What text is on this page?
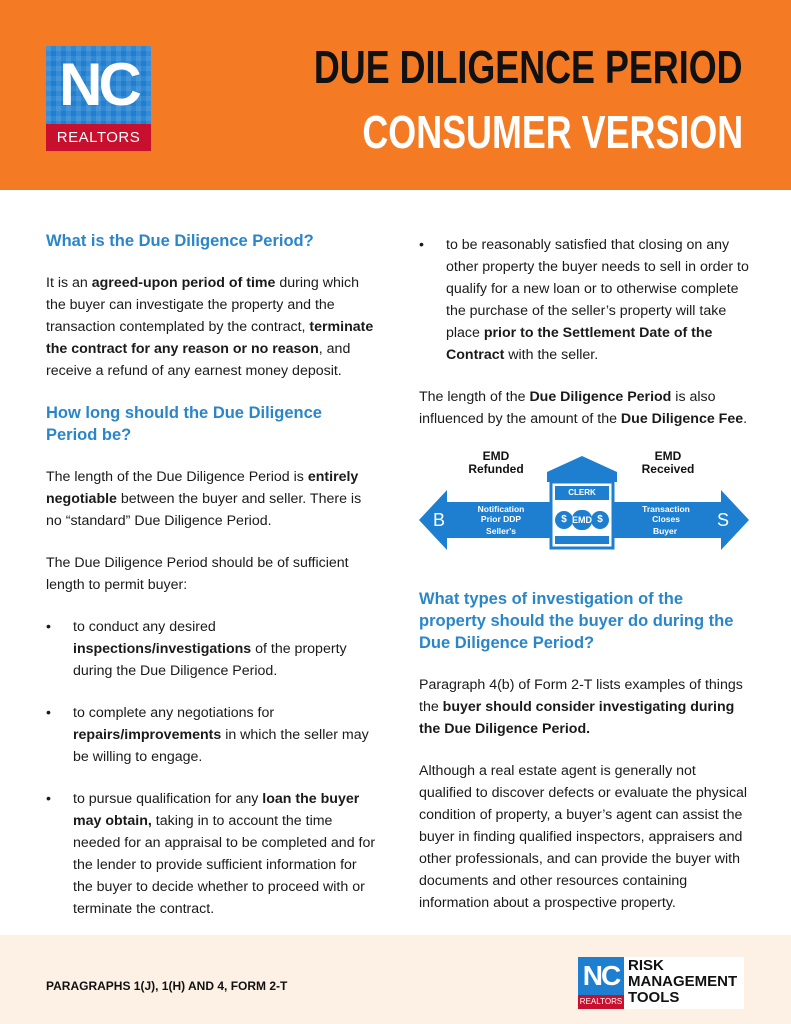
NC
REALTORS
DUE DILIGENCE PERIOD
CONSUMER VERSION
What is the Due Diligence Period?
It is an agreed-upon period of time during which the buyer can investigate the property and the transaction contemplated by the contract, terminate the contract for any reason or no reason, and receive a refund of any earnest money deposit.
How long should the Due Diligence Period be?
The length of the Due Diligence Period is entirely negotiable between the buyer and seller. There is no “standard” Due Diligence Period.
The Due Diligence Period should be of sufficient length to permit buyer:
• to conduct any desired inspections/investigations of the property during the Due Diligence Period.
• to complete any negotiations for repairs/improvements in which the seller may be willing to engage.
• to pursue qualification for any loan the buyer may obtain, taking in to account the time needed for an appraisal to be completed and for the lender to provide sufficient information for the buyer to decide whether to proceed with or terminate the contract.
• to be reasonably satisfied that closing on any other property the buyer needs to sell in order to qualify for a new loan or to otherwise complete the purchase of the seller’s property will take place prior to the Settlement Date of the Contract with the seller.
The length of the Due Diligence Period is also influenced by the amount of the Due Diligence Fee.
EMD Refunded
EMD Received
CLERK
$ EMD $
B	S
Notification Prior DDP
Seller's Inability
Transaction Closes
Buyer Breaches
What types of investigation of the property should the buyer do during the Due Diligence Period?
Paragraph 4(b) of Form 2-T lists examples of things the buyer should consider investigating during the Due Diligence Period.
Although a real estate agent is generally not qualified to discover defects or evaluate the physical condition of property, a buyer’s agent can assist the buyer in finding qualified inspectors, appraisers and other professionals, and can provide the buyer with documents and other resources containing information about a prospective property.
PARAGRAPHS 1(J), 1(H) AND 4, FORM 2-T	NC
REALTORS
RISK
MANAGEMENT
TOOLS
